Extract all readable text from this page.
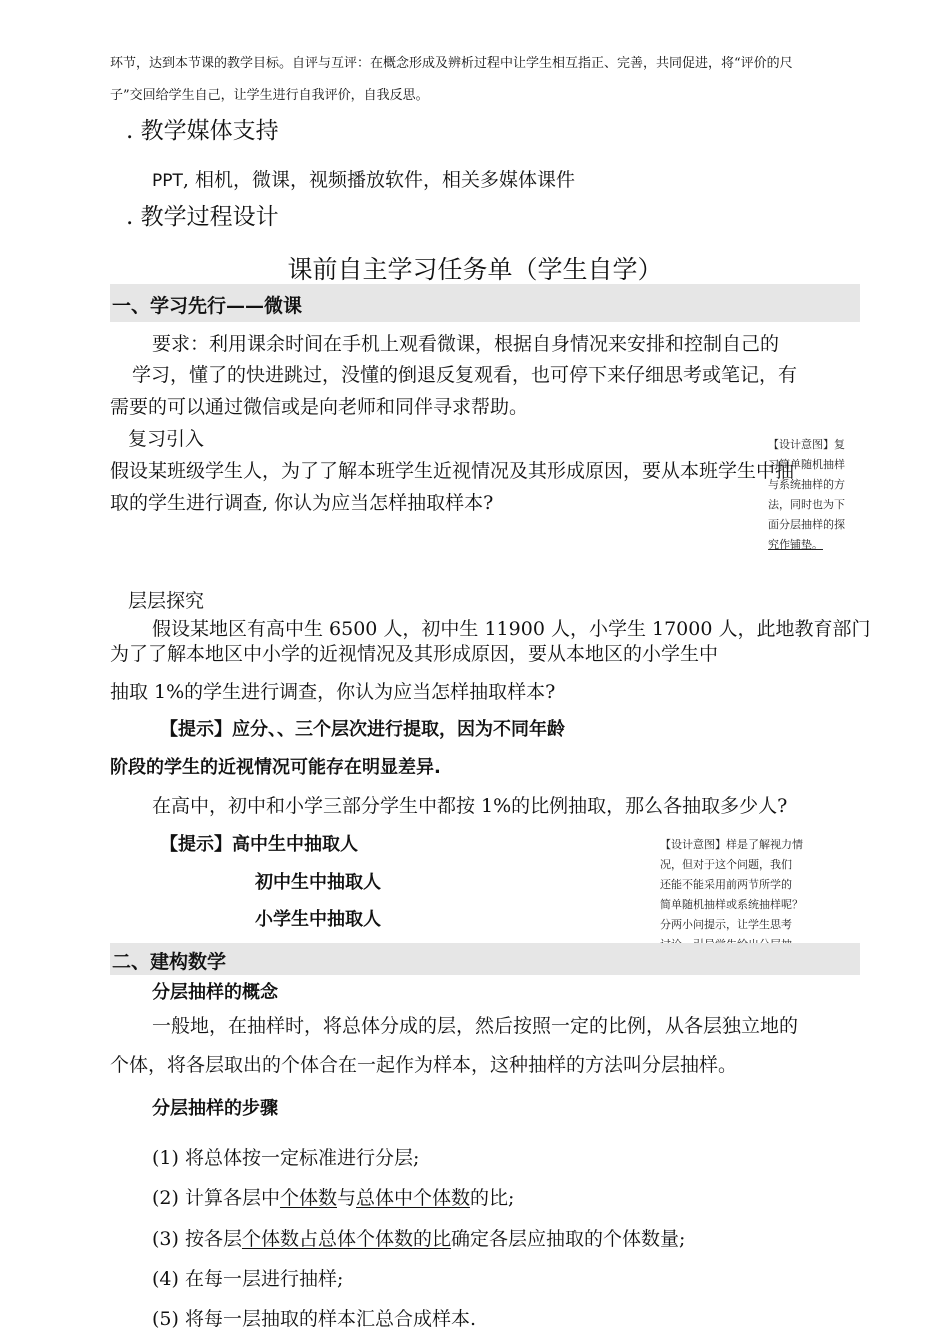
环节，达到本节课的教学目标。自评与互评：在概念形成及辨析过程中让学生相互指正、完善，共同促进，将“评价的尺
子”交回给学生自己，让学生进行自我评价，自我反思。
. 教学媒体支持
PPT, 相机，微课，视频播放软件，相关多媒体课件
. 教学过程设计
课前自主学习任务单（学生自学）
一、学习先行——微课
要求：利用课余时间在手机上观看微课，根据自身情况来安排和控制自己的
学习，懂了的快进跳过，没懂的倒退反复观看，也可停下来仔细思考或笔记，有
需要的可以通过微信或是向老师和同伴寻求帮助。
复习引入
假设某班级学生人，为了了解本班学生近视情况及其形成原因，要从本班学生中抽
取的学生进行调查, 你认为应当怎样抽取样本?
【设计意图】复
习简单随机抽样
与系统抽样的方
法，同时也为下
面分层抽样的探
究作铺垫。
层层探究
假设某地区有高中生 6500 人，初中生 11900 人，小学生 17000 人，此地教育部门
为了了解本地区中小学的近视情况及其形成原因，要从本地区的小学生中
抽取 1%的学生进行调查，你认为应当怎样抽取样本?
【提示】应分、、三个层次进行提取，因为不同年龄
阶段的学生的近视情况可能存在明显差异.
在高中，初中和小学三部分学生中都按 1%的比例抽取，那么各抽取多少人?
【提示】高中生中抽取人
初中生中抽取人
小学生中抽取人
【设计意图】样是了解视力情
况，但对于这个问题，我们
还能不能采用前两节所学的
简单随机抽样或系统抽样呢？
分两小问提示，让学生思考
二、建构数学
分层抽样的概念
一般地，在抽样时，将总体分成的层，然后按照一定的比例，从各层独立地的
个体，将各层取出的个体合在一起作为样本，这种抽样的方法叫分层抽样。
分层抽样的步骤
(1) 将总体按一定标准进行分层;
(2) 计算各层中个体数与总体中个体数的比;
(3) 按各层个体数占总体个体数的比确定各层应抽取的个体数量;
(4) 在每一层进行抽样;
(5) 将每一层抽取的样本汇总合成样本.
